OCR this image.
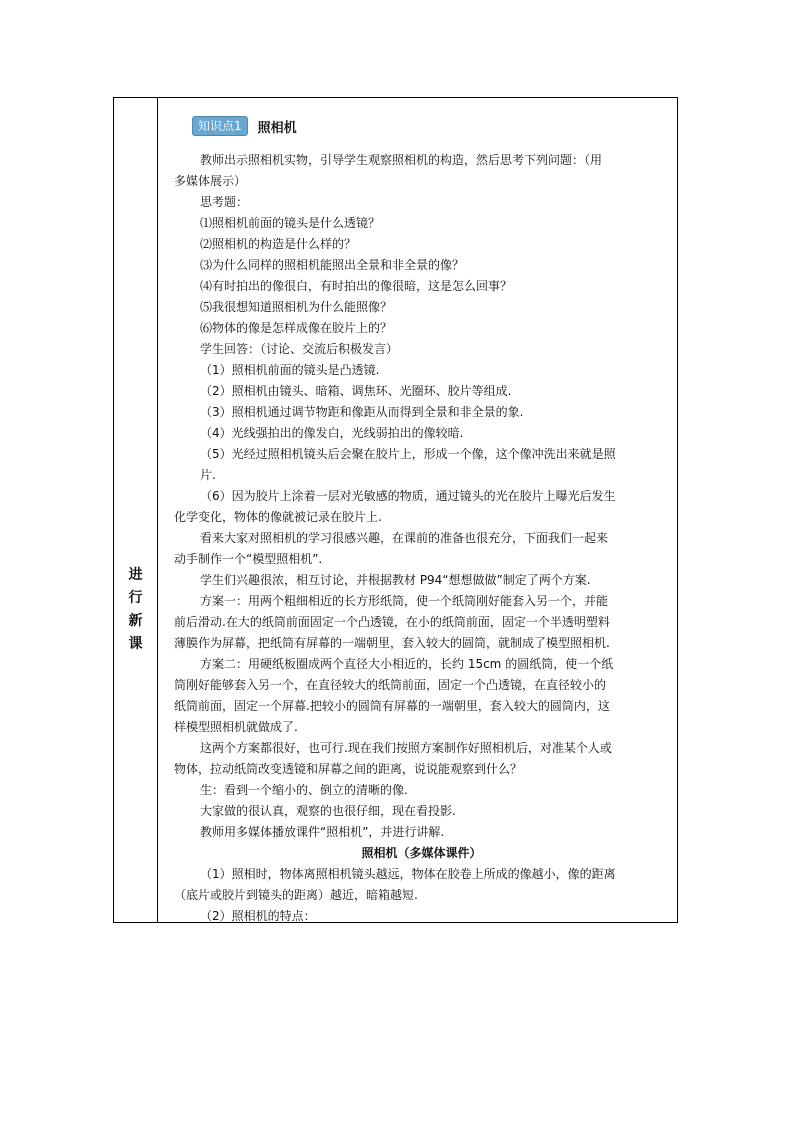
进
行
新
课
知识点1	照相机
教师出示照相机实物，引导学生观察照相机的构造，然后思考下列问题：（用
多媒体展示）
思考题：
⑴照相机前面的镜头是什么透镜？
⑵照相机的构造是什么样的？
⑶为什么同样的照相机能照出全景和非全景的像？
⑷有时拍出的像很白，有时拍出的像很暗，这是怎么回事？
⑸我很想知道照相机为什么能照像？
⑹物体的像是怎样成像在胶片上的？
学生回答：（讨论、交流后积极发言）
（1）照相机前面的镜头是凸透镜.
（2）照相机由镜头、暗箱、调焦环、光圈环、胶片等组成.
（3）照相机通过调节物距和像距从而得到全景和非全景的象.
（4）光线强拍出的像发白，光线弱拍出的像较暗.
（5）光经过照相机镜头后会聚在胶片上，形成一个像，这个像冲洗出来就是照
片.
（6）因为胶片上涂着一层对光敏感的物质，通过镜头的光在胶片上曝光后发生
化学变化，物体的像就被记录在胶片上.
看来大家对照相机的学习很感兴趣，在课前的准备也很充分，下面我们一起来
动手制作一个“模型照相机”.
学生们兴趣很浓，相互讨论，并根据教材 P94“想想做做”制定了两个方案.
方案一：用两个粗细相近的长方形纸筒，使一个纸筒刚好能套入另一个，并能
前后滑动.在大的纸筒前面固定一个凸透镜，在小的纸筒前面，固定一个半透明塑料
薄膜作为屏幕，把纸筒有屏幕的一端朝里，套入较大的圆筒，就制成了模型照相机.
方案二：用硬纸板圈成两个直径大小相近的，长约 15cm 的圆纸筒，使一个纸
筒刚好能够套入另一个，在直径较大的纸筒前面，固定一个凸透镜，在直径较小的
纸筒前面，固定一个屏幕.把较小的圆筒有屏幕的一端朝里，套入较大的圆筒内，这
样模型照相机就做成了.
这两个方案都很好，也可行.现在我们按照方案制作好照相机后，对准某个人或
物体，拉动纸筒改变透镜和屏幕之间的距离，说说能观察到什么？
生：看到一个缩小的、倒立的清晰的像.
大家做的很认真，观察的也很仔细，现在看投影.
教师用多媒体播放课件“照相机”，并进行讲解.
照相机（多媒体课件）
（1）照相时，物体离照相机镜头越远，物体在胶卷上所成的像越小，像的距离
（底片或胶片到镜头的距离）越近，暗箱越短.
（2）照相机的特点：
